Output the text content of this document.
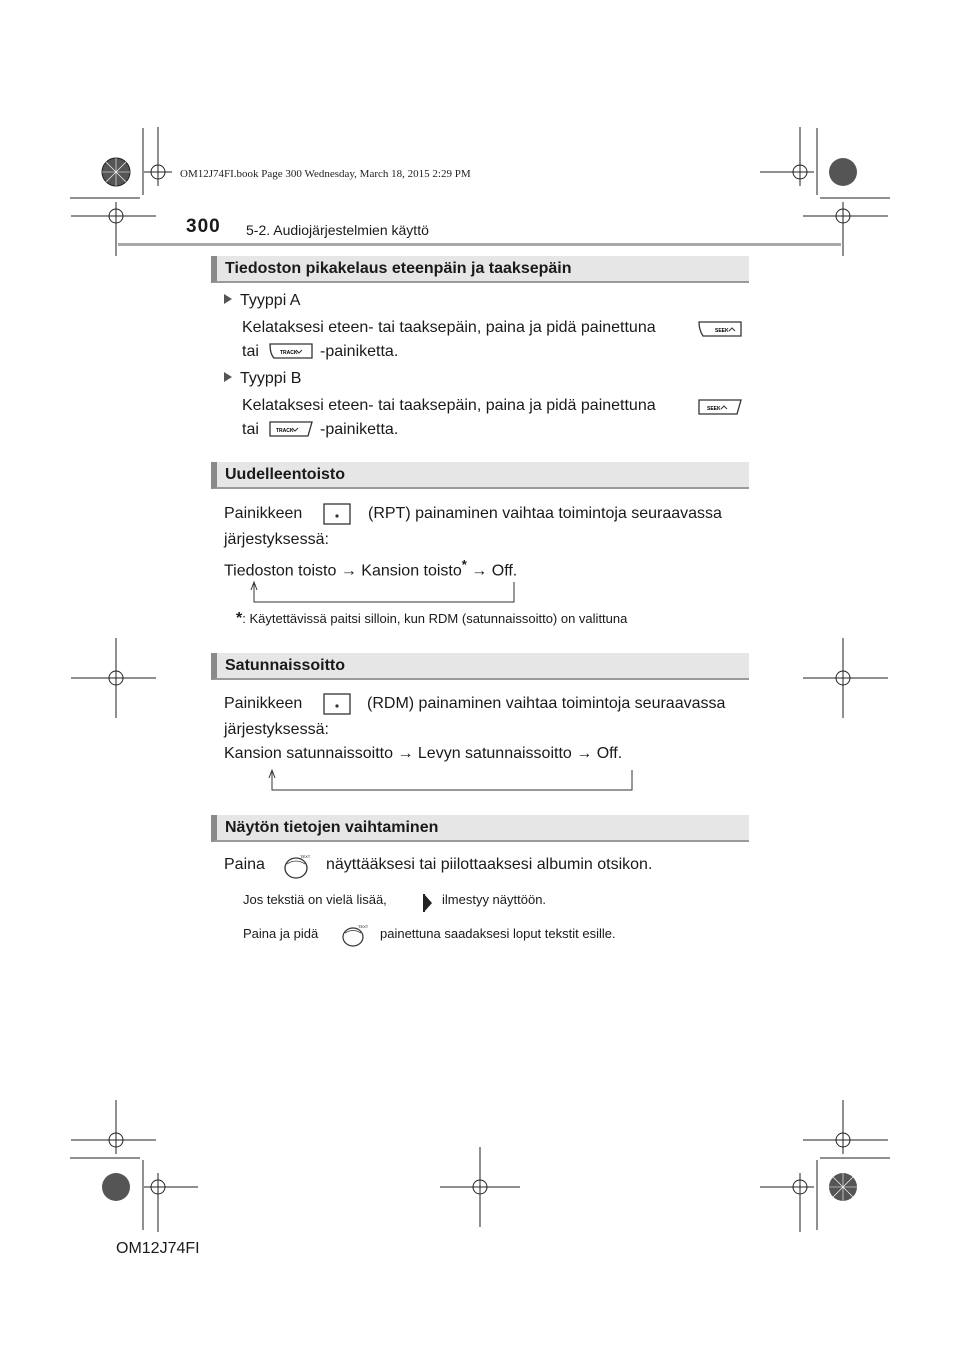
OM12J74FI.book Page 300 Wednesday, March 18, 2015 2:29 PM
300 5-2. Audiojärjestelmien käyttö
Tiedoston pikakelaus eteenpäin ja taaksepäin
Tyyppi A
Kelataksesi eteen- tai taaksepäin, paina ja pidä painettuna	SEEK
tai	TRACK -painiketta.
Tyyppi B
Kelataksesi eteen- tai taaksepäin, paina ja pidä painettuna	SEEK
tai	TRACK -painiketta.
Uudelleentoisto
Painikkeen	(RPT) painaminen vaihtaa toimintoja seuraavassa
järjestyksessä:
Tiedoston toisto → Kansion toisto* → Off.
*: Käytettävissä paitsi silloin, kun RDM (satunnaissoitto) on valittuna
Satunnaissoitto
Painikkeen	(RDM) painaminen vaihtaa toimintoja seuraavassa
järjestyksessä:
Kansion satunnaissoitto → Levyn satunnaissoitto → Off.
Näytön tietojen vaihtaminen
Paina	TEXT näyttääksesi tai piilottaaksesi albumin otsikon.
Jos tekstiä on vielä lisää,	ilmestyy näyttöön.
Paina ja pidä	TEXT painettuna saadaksesi loput tekstit esille.
OM12J74FI
